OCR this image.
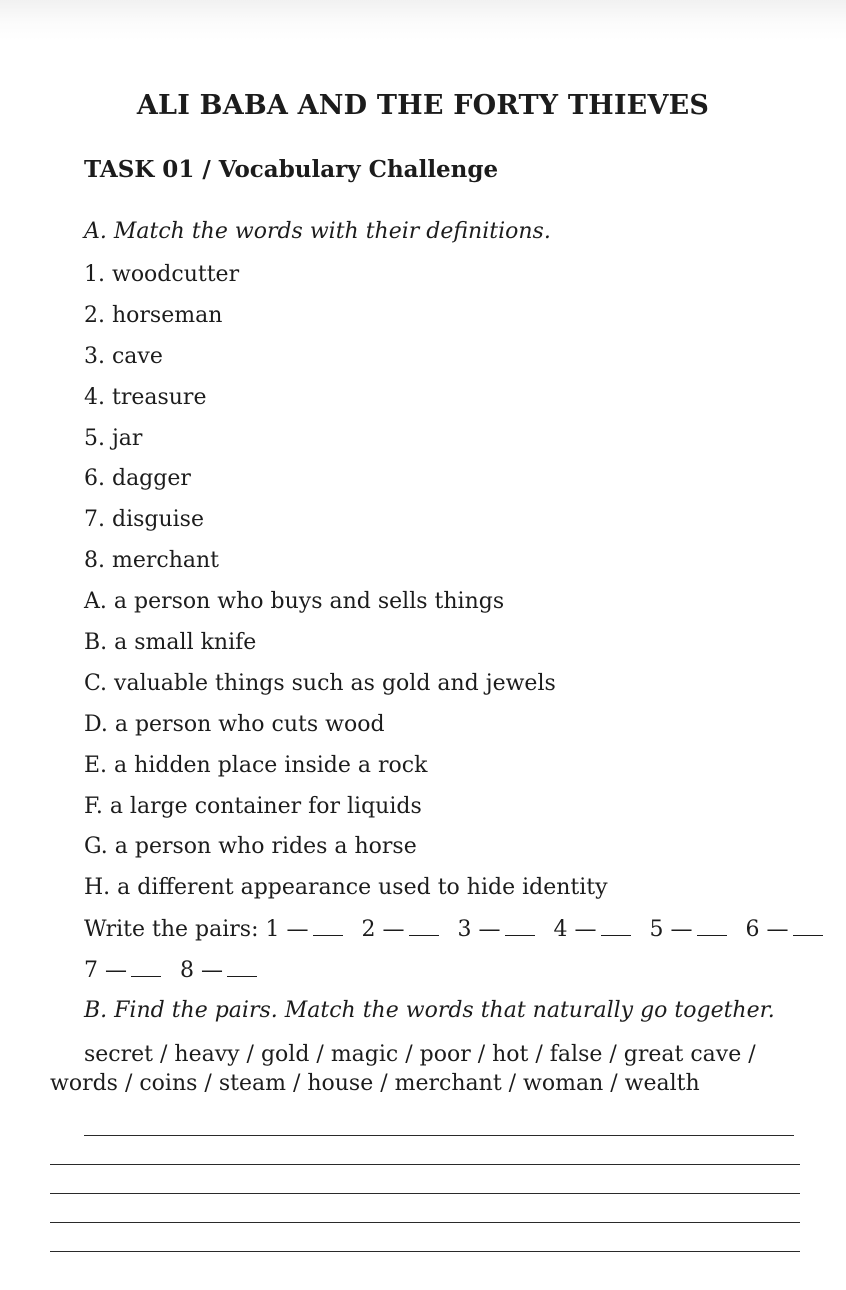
ALI BABA AND THE FORTY THIEVES
TASK 01 / Vocabulary Challenge
A. Match the words with their definitions.
1. woodcutter
2. horseman
3. cave
4. treasure
5. jar
6. dagger
7. disguise
8. merchant
A. a person who buys and sells things
B. a small knife
C. valuable things such as gold and jewels
D. a person who cuts wood
E. a hidden place inside a rock
F. a large container for liquids
G. a person who rides a horse
H. a different appearance used to hide identity
Write the pairs: 1 — 2 — 3 — 4 — 5 — 6 —
7 — 8 —
B. Find the pairs. Match the words that naturally go together.

secret / heavy / gold / magic / poor / hot / false / great cave / words / coins / steam / house / merchant / woman / wealth
